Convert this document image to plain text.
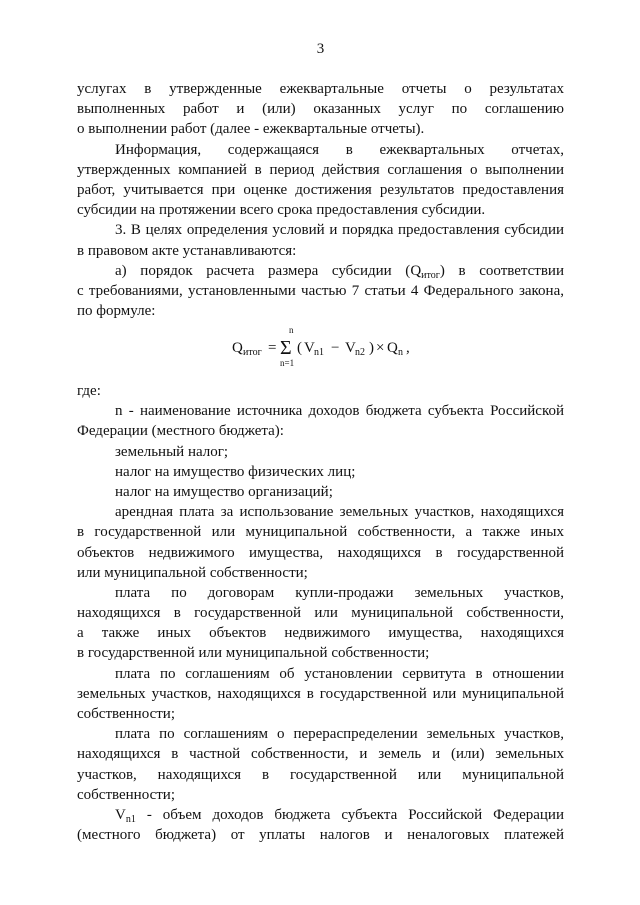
3
услугах в утвержденные ежеквартальные отчеты о результатах
выполненных работ и (или) оказанных услуг по соглашению
о выполнении работ (далее - ежеквартальные отчеты).
Информация, содержащаяся в ежеквартальных отчетах,
утвержденных компанией в период действия соглашения о выполнении
работ, учитывается при оценке достижения результатов предоставления
субсидии на протяжении всего срока предоставления субсидии.
3. В целях определения условий и порядка предоставления субсидии
в правовом акте устанавливаются:
а) порядок расчета размера субсидии $(Q_{итог})$ в соответствии
с требованиями, установленными частью 7 статьи 4 Федерального закона,
по формуле:
Q итог =
n
Σ
n=1
( V n1 − V n2 ) × Q n ,
где:
n - наименование источника доходов бюджета субъекта Российской
Федерации (местного бюджета):
земельный налог;
налог на имущество физических лиц;
налог на имущество организаций;
арендная плата за использование земельных участков, находящихся
в государственной или муниципальной собственности, а также иных
объектов недвижимого имущества, находящихся в государственной
или муниципальной собственности;
плата по договорам купли-продажи земельных участков,
находящихся в государственной или муниципальной собственности,
а также иных объектов недвижимого имущества, находящихся
в государственной или муниципальной собственности;
плата по соглашениям об установлении сервитута в отношении
земельных участков, находящихся в государственной или муниципальной
собственности;
плата по соглашениям о перераспределении земельных участков,
находящихся в частной собственности, и земель и (или) земельных
участков, находящихся в государственной или муниципальной
собственности;
$V_{n1}$ - объем доходов бюджета субъекта Российской Федерации
(местного бюджета) от уплаты налогов и неналоговых платежей
